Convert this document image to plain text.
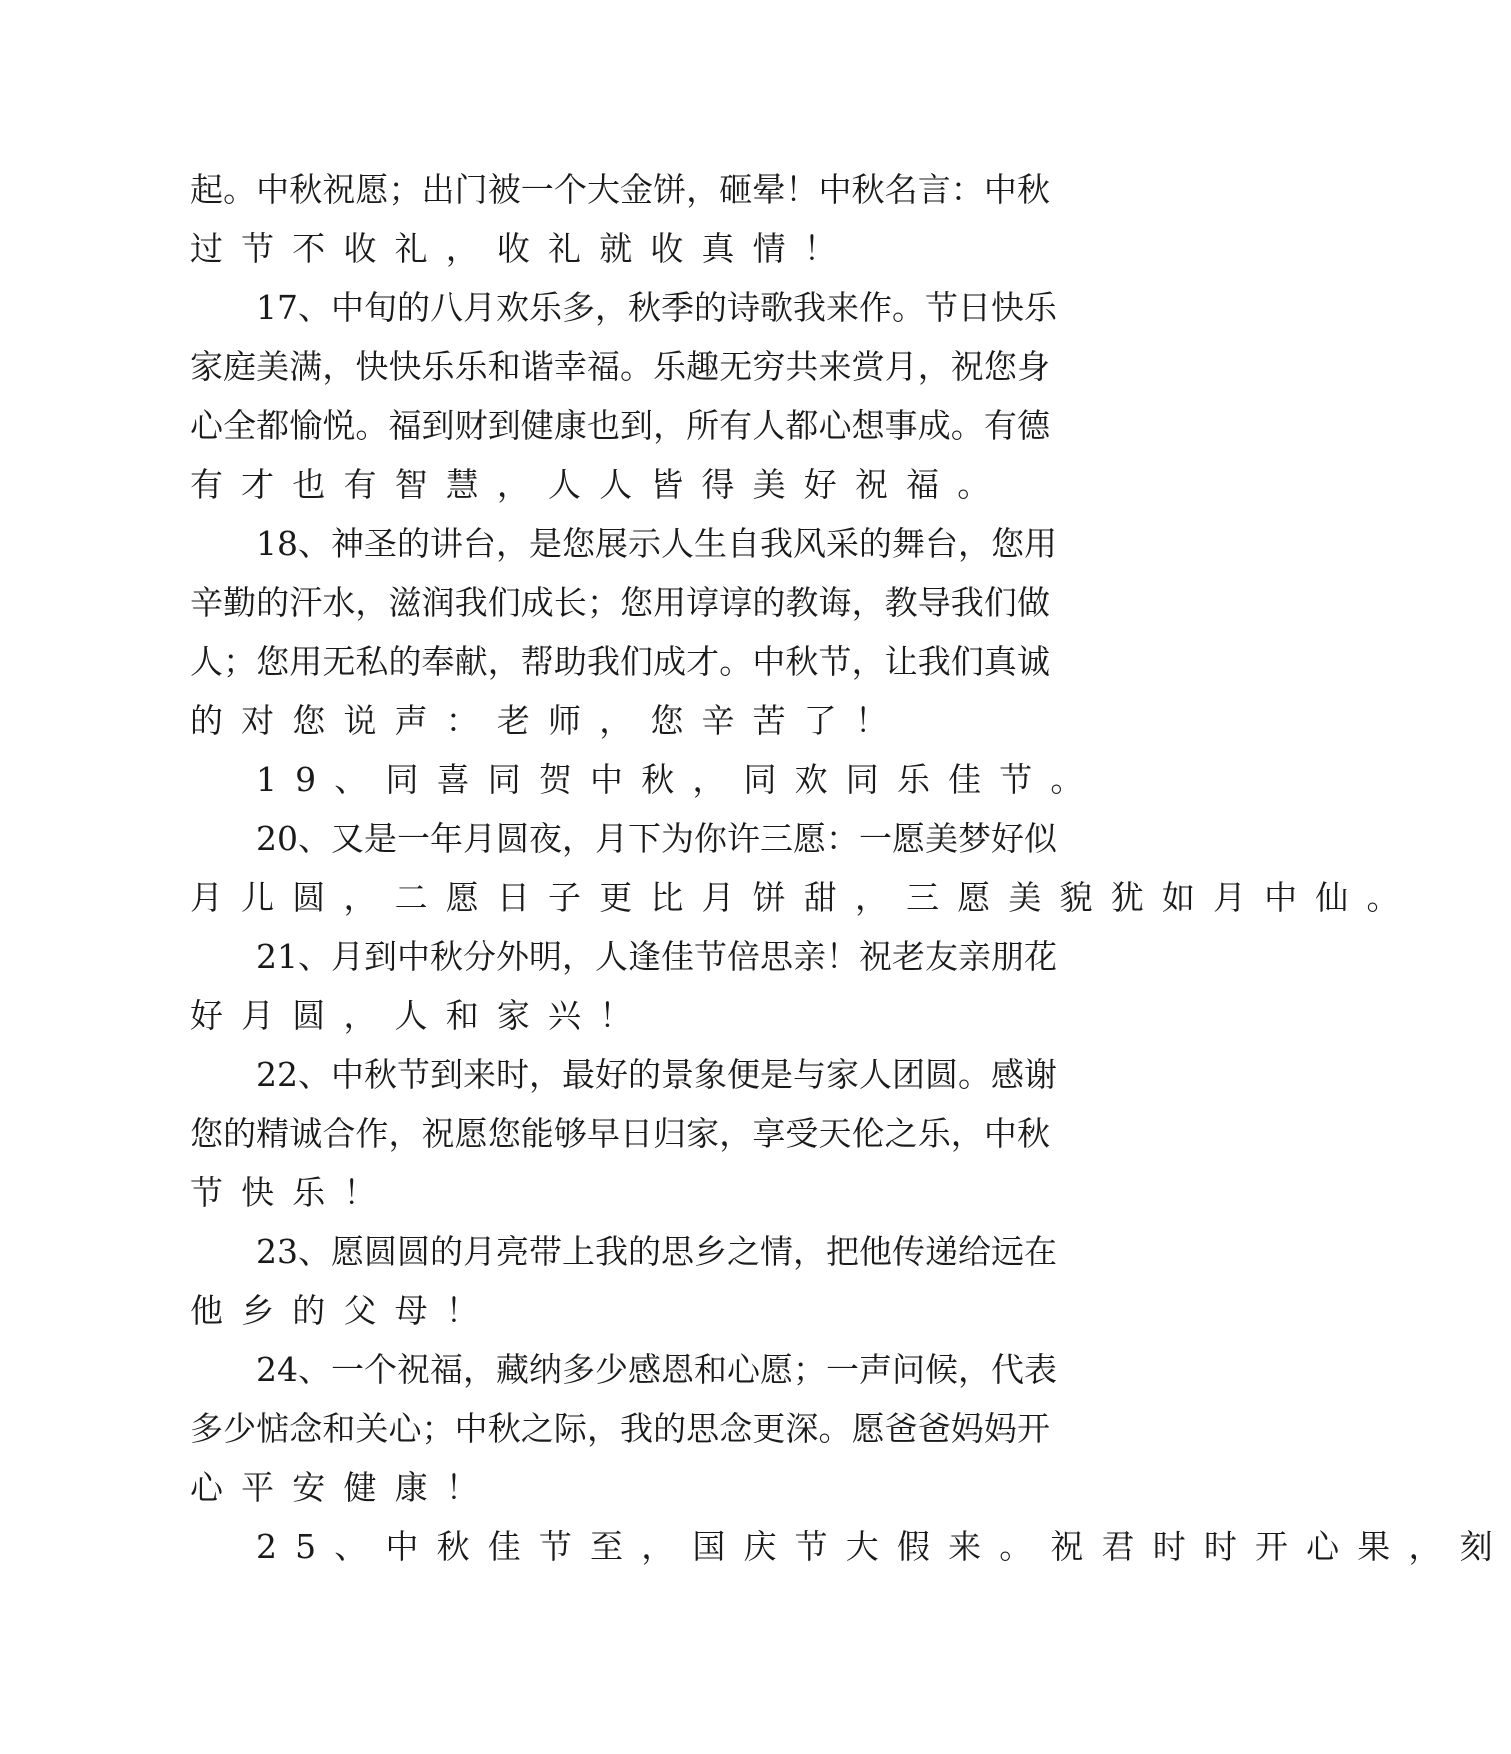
起 。 中 秋 祝 愿 ； 出 门 被 一 个 大 金 饼 ， 砸 晕 ！ 中 秋 名 言 ： 中 秋
过节不收礼，收礼就收真情！
17 、 中 旬 的 八 月 欢 乐 多 ， 秋 季 的 诗 歌 我 来 作 。 节 日 快 乐
家 庭 美 满 ， 快 快 乐 乐 和 谐 幸 福 。 乐 趣 无 穷 共 来 赏 月 ， 祝 您 身
心 全 都 愉 悦 。 福 到 财 到 健 康 也 到 ， 所 有 人 都 心 想 事 成 。 有 德
有才也有智慧，人人皆得美好祝福。
18 、 神 圣 的 讲 台 ， 是 您 展 示 人 生 自 我 风 采 的 舞 台 ， 您 用
辛 勤 的 汗 水 ， 滋 润 我 们 成 长 ； 您 用 谆 谆 的 教 诲 ， 教 导 我 们 做
人 ； 您 用 无 私 的 奉 献 ， 帮 助 我 们 成 才 。 中 秋 节 ， 让 我 们 真 诚
的对您说声：老师，您辛苦了！
19、同喜同贺中秋，同欢同乐佳节。
20 、 又 是 一 年 月 圆 夜 ， 月 下 为 你 许 三 愿 ： 一 愿 美 梦 好 似
月儿圆，二愿日子更比月饼甜，三愿美貌犹如月中仙。
21 、 月 到 中 秋 分 外 明 ， 人 逢 佳 节 倍 思 亲 ！ 祝 老 友 亲 朋 花
好月圆，人和家兴！
22 、 中 秋 节 到 来 时 ， 最 好 的 景 象 便 是 与 家 人 团 圆 。 感 谢
您 的 精 诚 合 作 ， 祝 愿 您 能 够 早 日 归 家 ， 享 受 天 伦 之 乐 ， 中 秋
节快乐！
23 、 愿 圆 圆 的 月 亮 带 上 我 的 思 乡 之 情 ， 把 他 传 递 给 远 在
他乡的父母！
24 、 一 个 祝 福 ， 藏 纳 多 少 感 恩 和 心 愿 ； 一 声 问 候 ， 代 表
多 少 惦 念 和 关 心 ； 中 秋 之 际 ， 我 的 思 念 更 深 。 愿 爸 爸 妈 妈 开
心平安健康！
25、中秋佳节至，国庆节大假来。祝君时时开心果，刻
